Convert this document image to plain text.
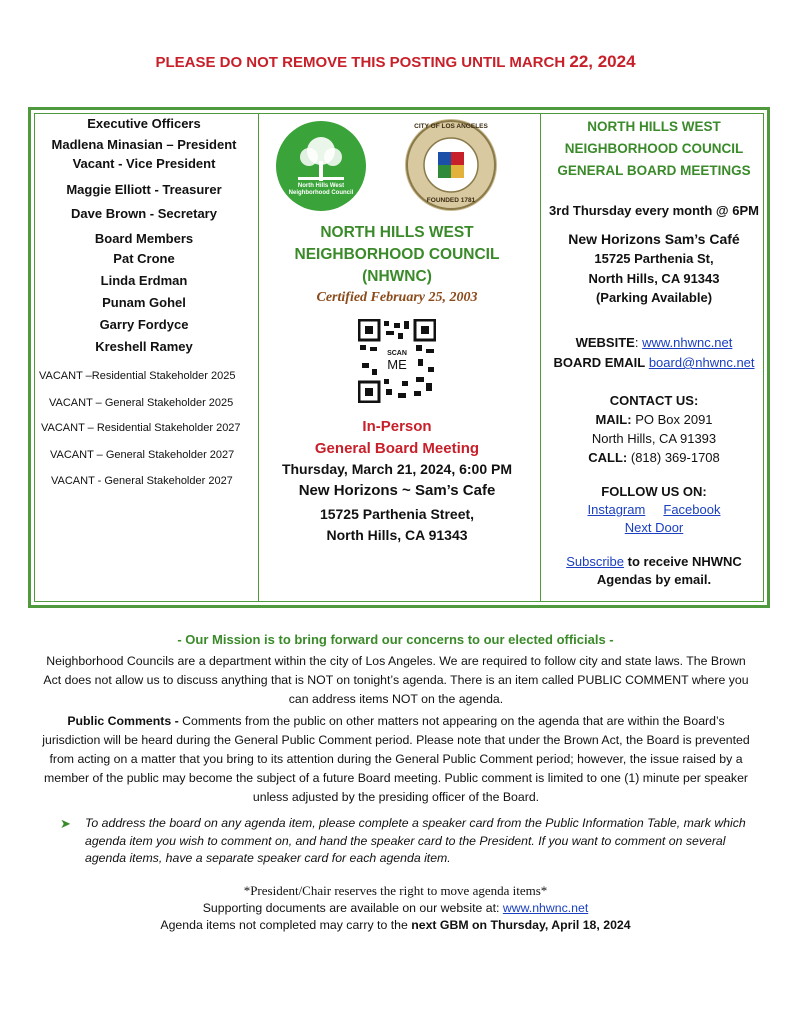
PLEASE DO NOT REMOVE THIS POSTING UNTIL MARCH 22, 2024
Executive Officers
Madlena Minasian – President
Vacant - Vice President
Maggie Elliott - Treasurer
Dave Brown - Secretary
Board Members
Pat Crone
Linda Erdman
Punam Gohel
Garry Fordyce
Kreshell Ramey
VACANT –Residential Stakeholder 2025
VACANT – General Stakeholder 2025
VACANT – Residential Stakeholder 2027
VACANT – General Stakeholder 2027
VACANT - General Stakeholder 2027
North Hills West
Neighborhood Council
CITY OF LOS ANGELES
FOUNDED 1781
NORTH HILLS WEST
NEIGHBORHOOD COUNCIL
(NHWNC)
Certified February 25, 2003
SCAN
ME
In-Person
General Board Meeting
Thursday, March 21, 2024, 6:00 PM
New Horizons ~ Sam’s Cafe
15725 Parthenia Street,
North Hills, CA 91343
NORTH HILLS WEST
NEIGHBORHOOD COUNCIL
GENERAL BOARD MEETINGS
3rd Thursday every month @ 6PM
New Horizons Sam’s Café
15725 Parthenia St,
North Hills, CA 91343
(Parking Available)
WEBSITE: www.nhwnc.net
BOARD EMAIL board@nhwnc.net
CONTACT US:
MAIL: PO Box 2091
North Hills, CA 91393
CALL: (818) 369-1708
FOLLOW US ON:
Instagram Facebook
Next Door
Subscribe to receive NHWNC
Agendas by email.
- Our Mission is to bring forward our concerns to our elected officials -
Neighborhood Councils are a department within the city of Los Angeles. We are required to follow city and state laws. The Brown Act does not allow us to discuss anything that is NOT on tonight’s agenda. There is an item called PUBLIC COMMENT where you can address items NOT on the agenda.
Public Comments - Comments from the public on other matters not appearing on the agenda that are within the Board’s jurisdiction will be heard during the General Public Comment period. Please note that under the Brown Act, the Board is prevented from acting on a matter that you bring to its attention during the General Public Comment period; however, the issue raised by a member of the public may become the subject of a future Board meeting. Public comment is limited to one (1) minute per speaker unless adjusted by the presiding officer of the Board.
➤ To address the board on any agenda item, please complete a speaker card from the Public Information Table, mark which agenda item you wish to comment on, and hand the speaker card to the President. If you want to comment on several agenda items, have a separate speaker card for each agenda item.
*President/Chair reserves the right to move agenda items*
Supporting documents are available on our website at: www.nhwnc.net
Agenda items not completed may carry to the next GBM on Thursday, April 18, 2024
